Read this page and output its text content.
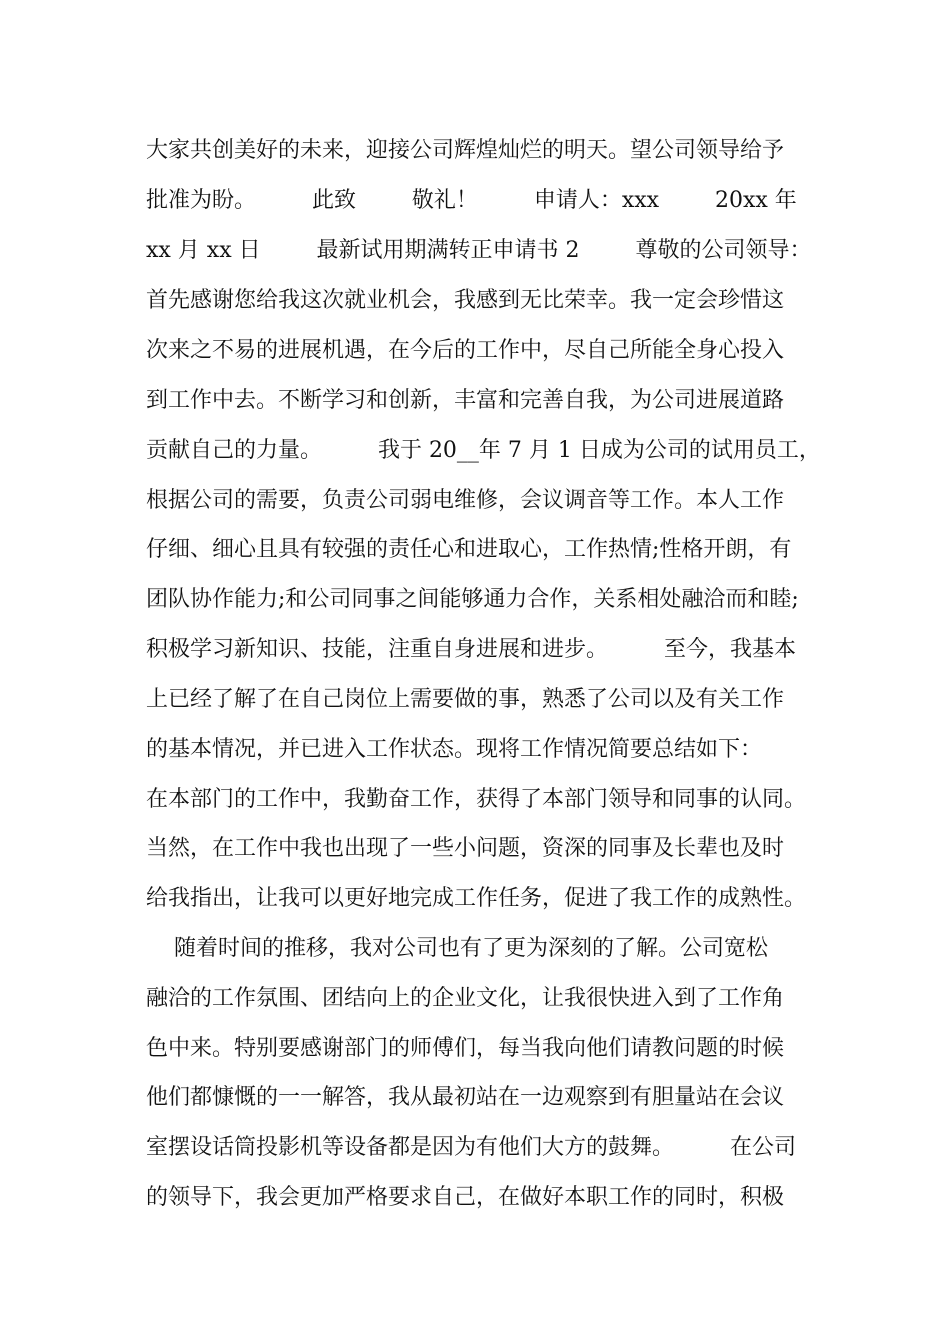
大家共创美好的未来，迎接公司辉煌灿烂的明天。望公司领导给予
批准为盼。        此致        敬礼！        申请人：xxx        20xx 年
xx 月 xx 日        最新试用期满转正申请书 2        尊敬的公司领导：
首先感谢您给我这次就业机会，我感到无比荣幸。我一定会珍惜这
次来之不易的进展机遇，在今后的工作中，尽自己所能全身心投入
到工作中去。不断学习和创新，丰富和完善自我，为公司进展道路
贡献自己的力量。        我于 20__年 7 月 1 日成为公司的试用员工，
根据公司的需要，负责公司弱电维修，会议调音等工作。本人工作
仔细、细心且具有较强的责任心和进取心，工作热情;性格开朗，有
团队协作能力;和公司同事之间能够通力合作，关系相处融洽而和睦;
积极学习新知识、技能，注重自身进展和进步。        至今，我基本
上已经了解了在自己岗位上需要做的事，熟悉了公司以及有关工作
的基本情况，并已进入工作状态。现将工作情况简要总结如下：
在本部门的工作中，我勤奋工作，获得了本部门领导和同事的认同。
当然，在工作中我也出现了一些小问题，资深的同事及长辈也及时
给我指出，让我可以更好地完成工作任务，促进了我工作的成熟性。
随着时间的推移，我对公司也有了更为深刻的了解。公司宽松
融洽的工作氛围、团结向上的企业文化，让我很快进入到了工作角
色中来。特别要感谢部门的师傅们，每当我向他们请教问题的时候
他们都慷慨的一一解答，我从最初站在一边观察到有胆量站在会议
室摆设话筒投影机等设备都是因为有他们大方的鼓舞。        在公司
的领导下，我会更加严格要求自己，在做好本职工作的同时，积极
